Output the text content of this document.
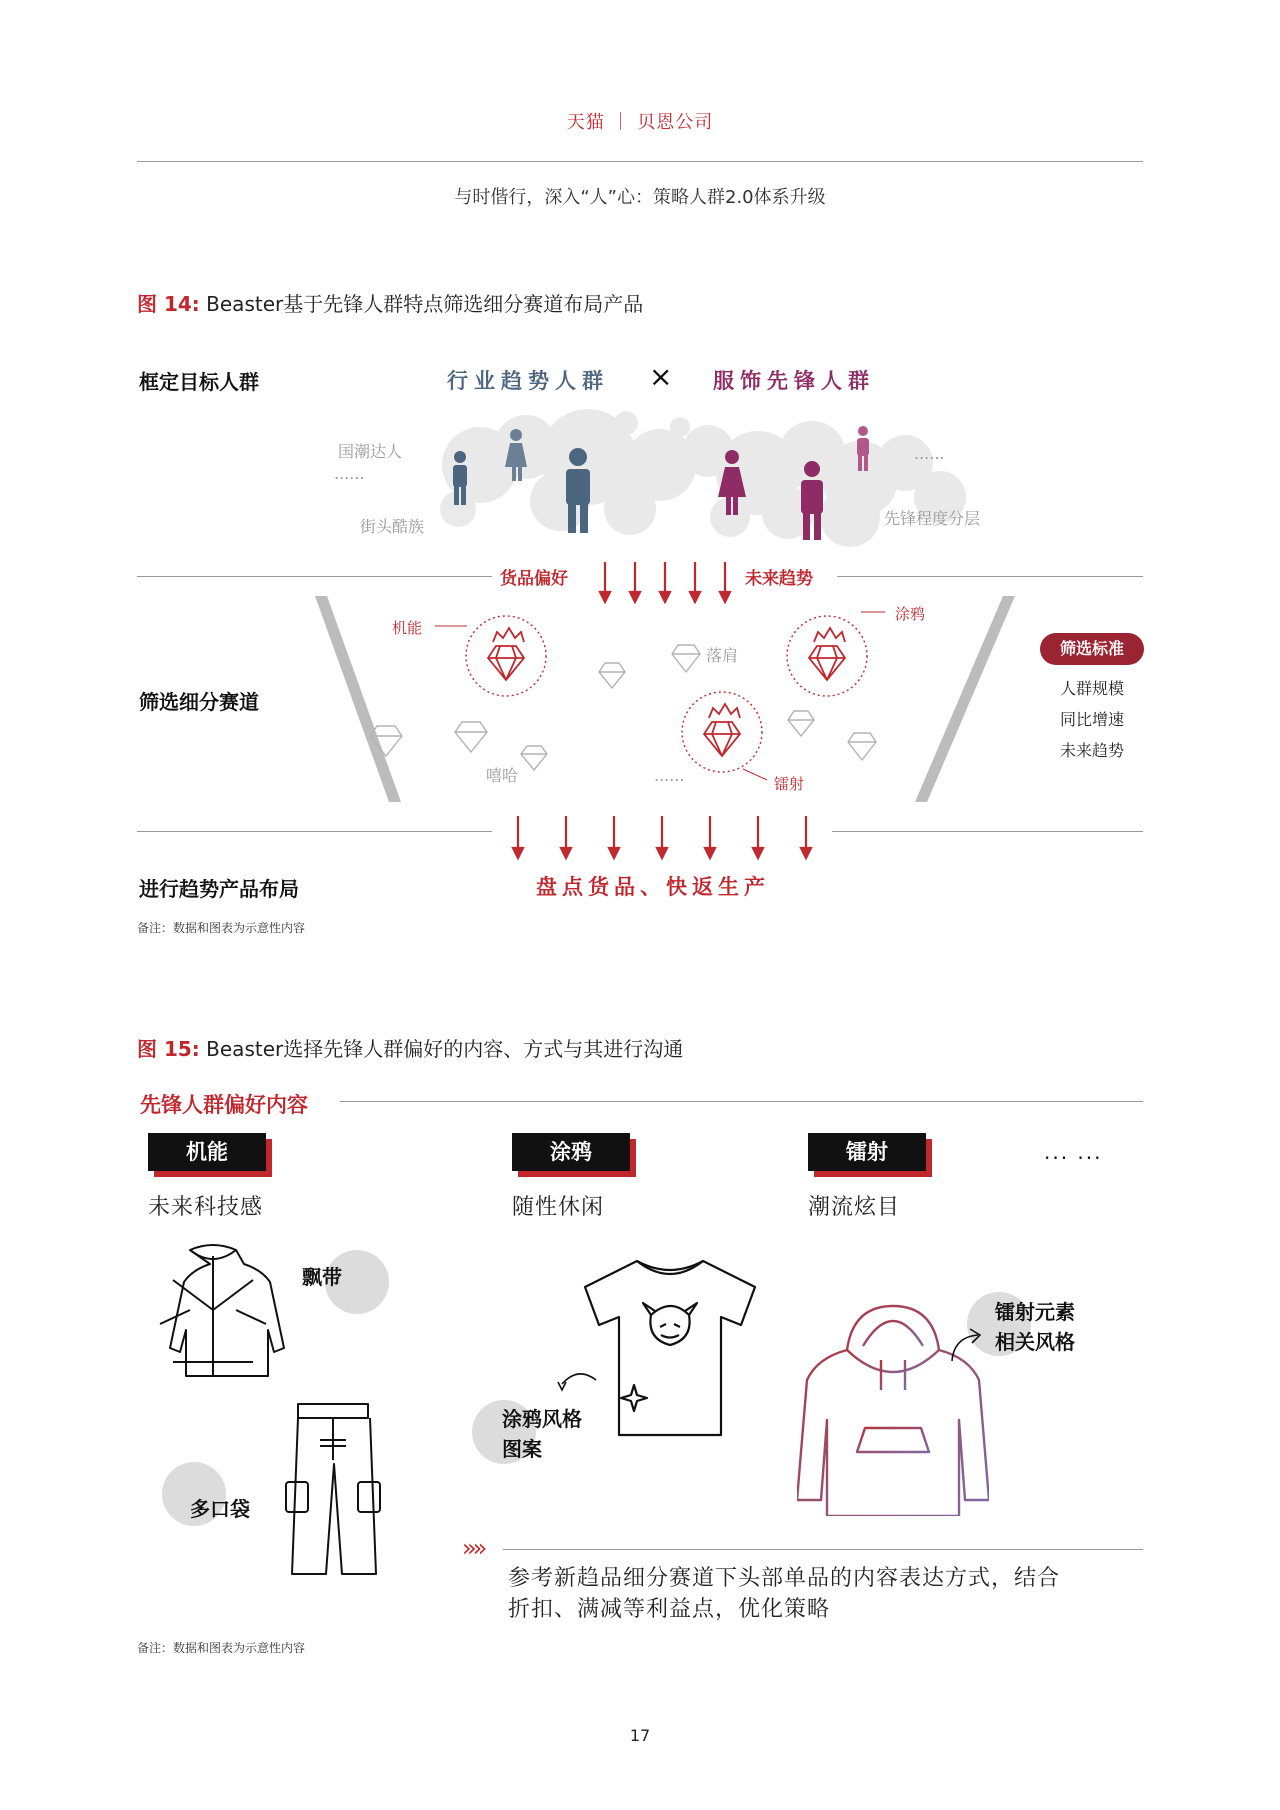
天猫 ｜ 贝恩公司
与时偕行，深入“人”心：策略人群2.0体系升级
图 14: Beaster基于先锋人群特点筛选细分赛道布局产品
框定目标人群	行业趋势人群 × 服饰先锋人群
国潮达人
......
街头酷族
......
先锋程度分层
货品偏好	未来趋势
机能
涂鸦
落肩
嘻哈	......	镭射
筛选细分赛道
筛选标准
人群规模
同比增速
未来趋势
进行趋势产品布局	盘点货品、快返生产
备注：数据和图表为示意性内容
图 15: Beaster选择先锋人群偏好的内容、方式与其进行沟通
先锋人群偏好内容
机能	涂鸦	镭射	... ...
未来科技感	随性休闲	潮流炫目
飘带
多口袋
涂鸦风格
图案
镭射元素
相关风格
»»
参考新趋品细分赛道下头部单品的内容表达方式，结合
折扣、满减等利益点，优化策略
备注：数据和图表为示意性内容
17
